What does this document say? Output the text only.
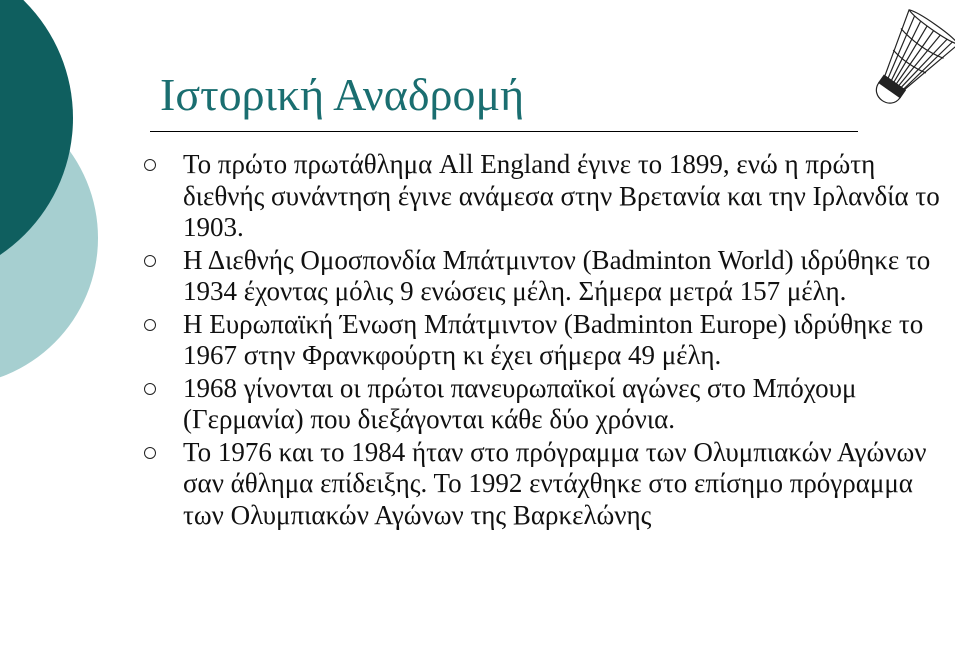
Ιστορική Αναδρομή
Το πρώτο πρωτάθλημα All England έγινε το 1899, ενώ η πρώτη διεθνής συνάντηση έγινε ανάμεσα στην Βρετανία και την Ιρλανδία το 1903.
Η Διεθνής Ομοσπονδία Μπάτμιντον (Badminton World) ιδρύθηκε το 1934 έχοντας μόλις 9 ενώσεις μέλη. Σήμερα μετρά 157 μέλη.
Η Ευρωπαϊκή Ένωση Μπάτμιντον (Badminton Europe) ιδρύθηκε το 1967 στην Φρανκφούρτη κι έχει σήμερα 49 μέλη.
1968 γίνονται οι πρώτοι πανευρωπαϊκοί αγώνες στο Μπόχουμ (Γερμανία) που διεξάγονται κάθε δύο χρόνια.
Το 1976 και το 1984 ήταν στο πρόγραμμα των Ολυμπιακών Αγώνων σαν άθλημα επίδειξης. Το 1992 εντάχθηκε στο επίσημο πρόγραμμα των Ολυμπιακών Αγώνων της Βαρκελώνης
